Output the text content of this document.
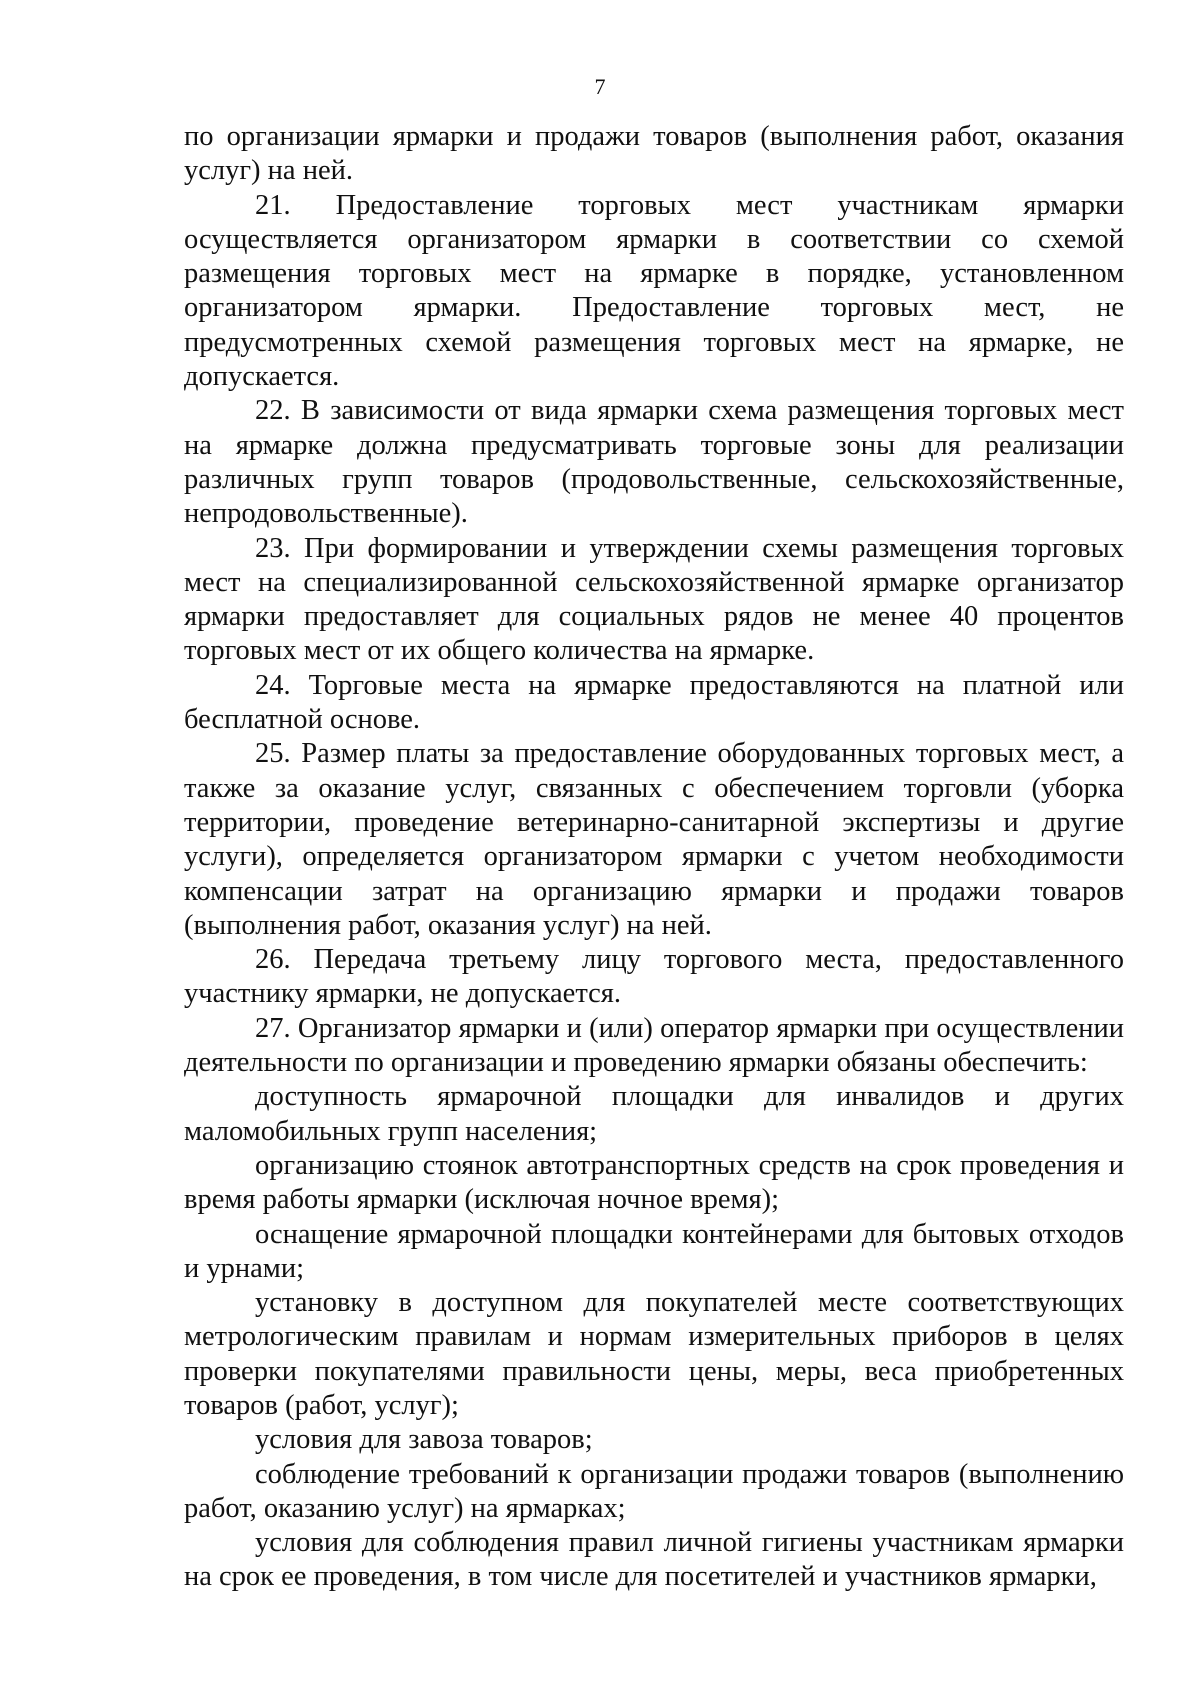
7

по организации ярмарки и продажи товаров (выполнения работ, оказания услуг) на ней.

21. Предоставление торговых мест участникам ярмарки осуществляется организатором ярмарки в соответствии со схемой размещения торговых мест на ярмарке в порядке, установленном организатором ярмарки. Предоставление торговых мест, не предусмотренных схемой размещения торговых мест на ярмарке, не допускается.

22. В зависимости от вида ярмарки схема размещения торговых мест на ярмарке должна предусматривать торговые зоны для реализации различных групп товаров (продовольственные, сельскохозяйственные, непродовольственные).

23. При формировании и утверждении схемы размещения торговых мест на специализированной сельскохозяйственной ярмарке организатор ярмарки предоставляет для социальных рядов не менее 40 процентов торговых мест от их общего количества на ярмарке.

24. Торговые места на ярмарке предоставляются на платной или бесплатной основе.

25. Размер платы за предоставление оборудованных торговых мест, а также за оказание услуг, связанных с обеспечением торговли (уборка территории, проведение ветеринарно-санитарной экспертизы и другие услуги), определяется организатором ярмарки с учетом необходимости компенсации затрат на организацию ярмарки и продажи товаров (выполнения работ, оказания услуг) на ней.

26. Передача третьему лицу торгового места, предоставленного участнику ярмарки, не допускается.

27. Организатор ярмарки и (или) оператор ярмарки при осуществлении деятельности по организации и проведению ярмарки обязаны обеспечить:

доступность ярмарочной площадки для инвалидов и других маломобильных групп населения;

организацию стоянок автотранспортных средств на срок проведения и время работы ярмарки (исключая ночное время);

оснащение ярмарочной площадки контейнерами для бытовых отходов и урнами;

установку в доступном для покупателей месте соответствующих метрологическим правилам и нормам измерительных приборов в целях проверки покупателями правильности цены, меры, веса приобретенных товаров (работ, услуг);

условия для завоза товаров;

соблюдение требований к организации продажи товаров (выполнению работ, оказанию услуг) на ярмарках;

условия для соблюдения правил личной гигиены участникам ярмарки на срок ее проведения, в том числе для посетителей и участников ярмарки,
